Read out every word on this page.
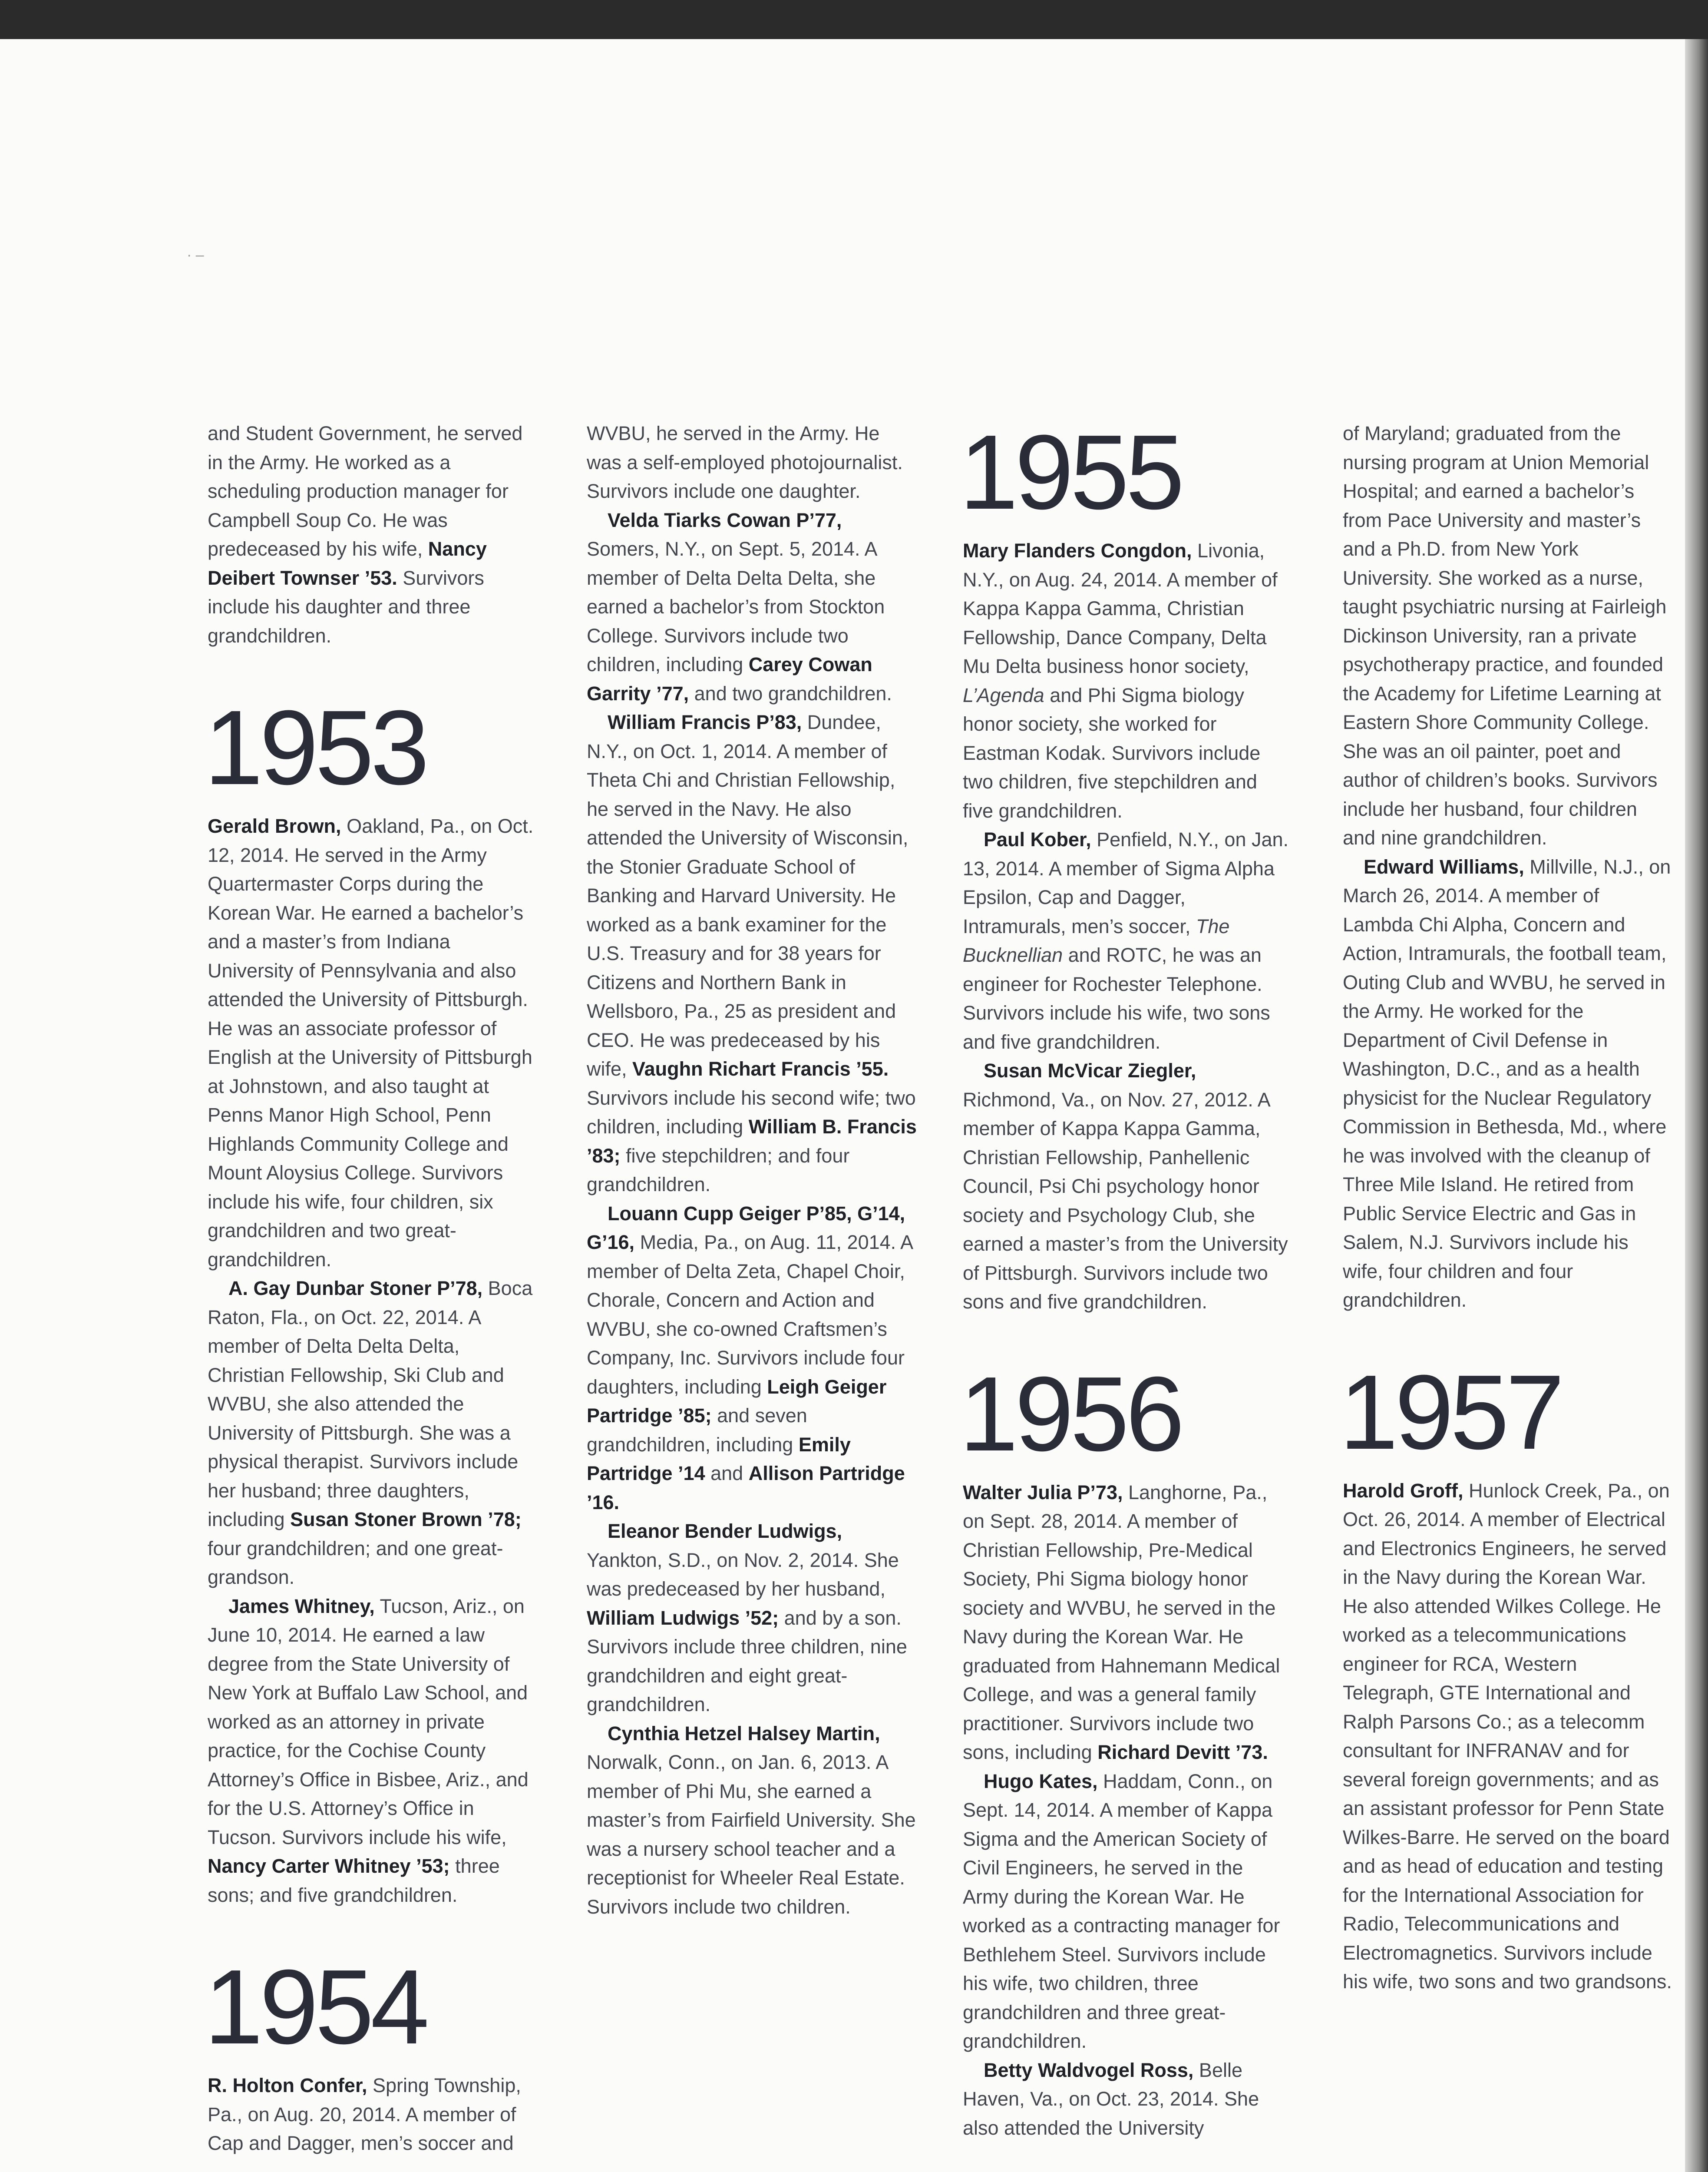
· –

and Student Government, he served in the Army. He worked as a scheduling production manager for Campbell Soup Co. He was predeceased by his wife, Nancy Deibert Townser ’53. Survivors include his daughter and three grandchildren.

1953

Gerald Brown, Oakland, Pa., on Oct. 12, 2014. He served in the Army Quartermaster Corps during the Korean War. He earned a bachelor’s and a master’s from Indiana University of Pennsylvania and also attended the University of Pittsburgh. He was an associate professor of English at the University of Pittsburgh at Johnstown, and also taught at Penns Manor High School, Penn Highlands Community College and Mount Aloysius College. Survivors include his wife, four children, six grandchildren and two great-grandchildren.

A. Gay Dunbar Stoner P’78, Boca Raton, Fla., on Oct. 22, 2014. A member of Delta Delta Delta, Christian Fellowship, Ski Club and WVBU, she also attended the University of Pittsburgh. She was a physical therapist. Survivors include her husband; three daughters, including Susan Stoner Brown ’78; four grandchildren; and one great-grandson.

James Whitney, Tucson, Ariz., on June 10, 2014. He earned a law degree from the State University of New York at Buffalo Law School, and worked as an attorney in private practice, for the Cochise County Attorney’s Office in Bisbee, Ariz., and for the U.S. Attorney’s Office in Tucson. Survivors include his wife, Nancy Carter Whitney ’53; three sons; and five grandchildren.

1954

R. Holton Confer, Spring Township, Pa., on Aug. 20, 2014. A member of Cap and Dagger, men’s soccer and

WVBU, he served in the Army. He was a self-employed photojournalist. Survivors include one daughter.

Velda Tiarks Cowan P’77, Somers, N.Y., on Sept. 5, 2014. A member of Delta Delta Delta, she earned a bachelor’s from Stockton College. Survivors include two children, including Carey Cowan Garrity ’77, and two grandchildren.

William Francis P’83, Dundee, N.Y., on Oct. 1, 2014. A member of Theta Chi and Christian Fellowship, he served in the Navy. He also attended the University of Wisconsin, the Stonier Graduate School of Banking and Harvard University. He worked as a bank examiner for the U.S. Treasury and for 38 years for Citizens and Northern Bank in Wellsboro, Pa., 25 as president and CEO. He was predeceased by his wife, Vaughn Richart Francis ’55. Survivors include his second wife; two children, including William B. Francis ’83; five stepchildren; and four grandchildren.

Louann Cupp Geiger P’85, G’14, G’16, Media, Pa., on Aug. 11, 2014. A member of Delta Zeta, Chapel Choir, Chorale, Concern and Action and WVBU, she co-owned Craftsmen’s Company, Inc. Survivors include four daughters, including Leigh Geiger Partridge ’85; and seven grandchildren, including Emily Partridge ’14 and Allison Partridge ’16.

Eleanor Bender Ludwigs, Yankton, S.D., on Nov. 2, 2014. She was predeceased by her husband, William Ludwigs ’52; and by a son. Survivors include three children, nine grandchildren and eight great-grandchildren.

Cynthia Hetzel Halsey Martin, Norwalk, Conn., on Jan. 6, 2013. A member of Phi Mu, she earned a master’s from Fairfield University. She was a nursery school teacher and a receptionist for Wheeler Real Estate. Survivors include two children.

1955

Mary Flanders Congdon, Livonia, N.Y., on Aug. 24, 2014. A member of Kappa Kappa Gamma, Christian Fellowship, Dance Company, Delta Mu Delta business honor society, L’Agenda and Phi Sigma biology honor society, she worked for Eastman Kodak. Survivors include two children, five stepchildren and five grandchildren.

Paul Kober, Penfield, N.Y., on Jan. 13, 2014. A member of Sigma Alpha Epsilon, Cap and Dagger, Intramurals, men’s soccer, The Bucknellian and ROTC, he was an engineer for Rochester Telephone. Survivors include his wife, two sons and five grandchildren.

Susan McVicar Ziegler, Richmond, Va., on Nov. 27, 2012. A member of Kappa Kappa Gamma, Christian Fellowship, Panhellenic Council, Psi Chi psychology honor society and Psychology Club, she earned a master’s from the University of Pittsburgh. Survivors include two sons and five grandchildren.

1956

Walter Julia P’73, Langhorne, Pa., on Sept. 28, 2014. A member of Christian Fellowship, Pre-Medical Society, Phi Sigma biology honor society and WVBU, he served in the Navy during the Korean War. He graduated from Hahnemann Medical College, and was a general family practitioner. Survivors include two sons, including Richard Devitt ’73.

Hugo Kates, Haddam, Conn., on Sept. 14, 2014. A member of Kappa Sigma and the American Society of Civil Engineers, he served in the Army during the Korean War. He worked as a contracting manager for Bethlehem Steel. Survivors include his wife, two children, three grandchildren and three great-grandchildren.

Betty Waldvogel Ross, Belle Haven, Va., on Oct. 23, 2014. She also attended the University

of Maryland; graduated from the nursing program at Union Memorial Hospital; and earned a bachelor’s from Pace University and master’s and a Ph.D. from New York University. She worked as a nurse, taught psychiatric nursing at Fairleigh Dickinson University, ran a private psychotherapy practice, and founded the Academy for Lifetime Learning at Eastern Shore Community College. She was an oil painter, poet and author of children’s books. Survivors include her husband, four children and nine grandchildren.

Edward Williams, Millville, N.J., on March 26, 2014. A member of Lambda Chi Alpha, Concern and Action, Intramurals, the football team, Outing Club and WVBU, he served in the Army. He worked for the Department of Civil Defense in Washington, D.C., and as a health physicist for the Nuclear Regulatory Commission in Bethesda, Md., where he was involved with the cleanup of Three Mile Island. He retired from Public Service Electric and Gas in Salem, N.J. Survivors include his wife, four children and four grandchildren.

1957

Harold Groff, Hunlock Creek, Pa., on Oct. 26, 2014. A member of Electrical and Electronics Engineers, he served in the Navy during the Korean War. He also attended Wilkes College. He worked as a telecommunications engineer for RCA, Western Telegraph, GTE International and Ralph Parsons Co.; as a telecomm consultant for INFRANAV and for several foreign governments; and as an assistant professor for Penn State Wilkes-Barre. He served on the board and as head of education and testing for the International Association for Radio, Telecommunications and Electromagnetics. Survivors include his wife, two sons and two grandsons.
